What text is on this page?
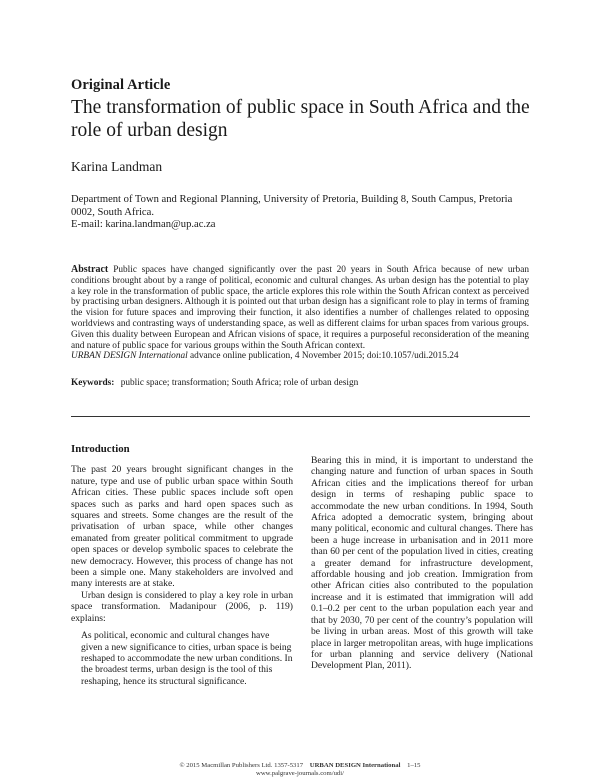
Original Article
The transformation of public space in South Africa and the role of urban design
Karina Landman
Department of Town and Regional Planning, University of Pretoria, Building 8, South Campus, Pretoria
0002, South Africa.
E-mail: karina.landman@up.ac.za
Abstract Public spaces have changed significantly over the past 20 years in South Africa because of new urban conditions brought about by a range of political, economic and cultural changes. As urban design has the potential to play a key role in the transformation of public space, the article explores this role within the South African context as perceived by practising urban designers. Although it is pointed out that urban design has a significant role to play in terms of framing the vision for future spaces and improving their function, it also identifies a number of challenges related to opposing worldviews and contrasting ways of understanding space, as well as different claims for urban spaces from various groups. Given this duality between European and African visions of space, it requires a purposeful reconsideration of the meaning and nature of public space for various groups within the South African context.
URBAN DESIGN International advance online publication, 4 November 2015; doi:10.1057/udi.2015.24
Keywords: public space; transformation; South Africa; role of urban design
Introduction

The past 20 years brought significant changes in the nature, type and use of public urban space within South African cities. These public spaces include soft open spaces such as parks and hard open spaces such as squares and streets. Some changes are the result of the privatisation of urban space, while other changes emanated from greater political commitment to upgrade open spaces or develop symbolic spaces to celebrate the new democracy. However, this process of change has not been a simple one. Many stakeholders are involved and many interests are at stake.

Urban design is considered to play a key role in urban space transformation. Madanipour (2006, p. 119) explains:

As political, economic and cultural changes have given a new significance to cities, urban space is being reshaped to accommodate the new urban conditions. In the broadest terms, urban design is the tool of this reshaping, hence its structural significance.

Bearing this in mind, it is important to understand the changing nature and function of urban spaces in South African cities and the implications thereof for urban design in terms of reshaping public space to accommodate the new urban conditions. In 1994, South Africa adopted a democratic system, bringing about many political, economic and cultural changes. There has been a huge increase in urbanisation and in 2011 more than 60 per cent of the population lived in cities, creating a greater demand for infrastructure development, affordable housing and job creation. Immigration from other African cities also contributed to the population increase and it is estimated that immigration will add 0.1–0.2 per cent to the urban population each year and that by 2030, 70 per cent of the country’s population will be living in urban areas. Most of this growth will take place in larger metropolitan areas, with huge implications for urban planning and service delivery (National Development Plan, 2011).

© 2015 Macmillan Publishers Ltd. 1357-5317 URBAN DESIGN International 1–15
www.palgrave-journals.com/udi/
